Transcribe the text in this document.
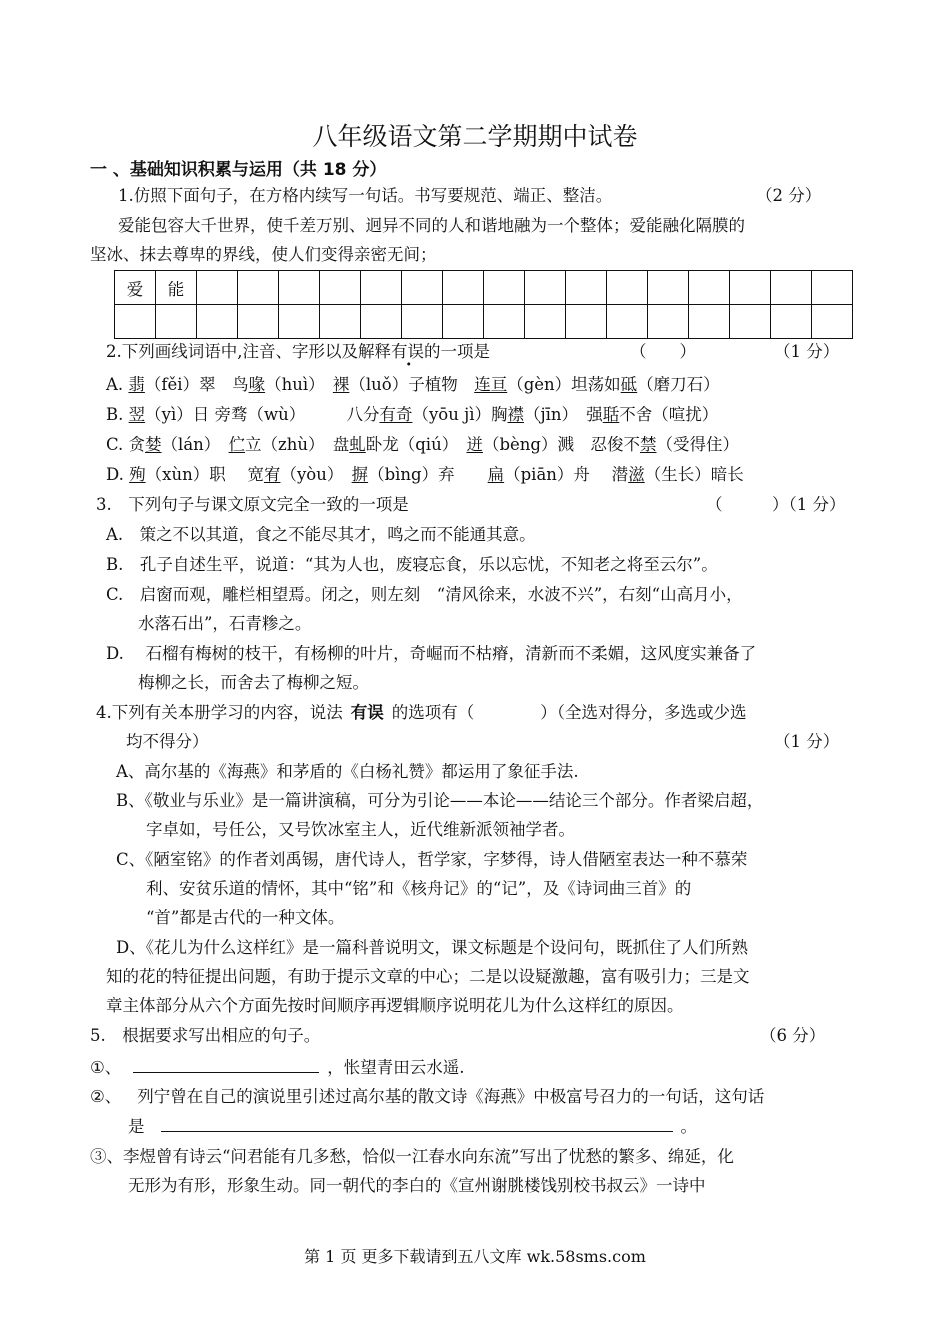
八年级语文第二学期期中试卷
一 、基础知识积累与运用（共 18 分）
1.仿照下面句子，在方格内续写一句话。书写要规范、端正、整洁。	（2 分）
爱能包容大千世界，使千差万别、迥异不同的人和谐地融为一个整体；爱能融化隔膜的
坚冰、抹去尊卑的界线，使人们变得亲密无间；
爱	能																

2.下列画线词语中,注音、字形以及解释有误的一项是	（　　）	（1 分）
A. 翡（fěi）翠　鸟喙（huì）　裸（luǒ）子植物　连亘（gèn）坦荡如砥（磨刀石）
B. 翌（yì）日 旁骛（wù）　　　八分有奇（yōu jì）胸襟（jīn）　强聒不舍（喧扰）
C. 贪婪（lán）　伫立（zhù）　盘虬卧龙（qiú）　迸（bèng）溅　忍俊不禁（受得住）
D. 殉（xùn）职　 宽宥（yòu）　摒（bìng）弃　　扁（piān）舟　 潜滋（生长）暗长
3.　下列句子与课文原文完全一致的一项是	（　　　）（1 分）
A.　策之不以其道，食之不能尽其才，鸣之而不能通其意。
B.　孔子自述生平，说道：“其为人也，废寝忘食，乐以忘忧，不知老之将至云尔”。
C.　启窗而观，雕栏相望焉。闭之，则左刻　“清风徐来，水波不兴”，右刻“山高月小，
水落石出”，石青糁之。
D.　 石榴有梅树的枝干，有杨柳的叶片，奇崛而不枯瘠，清新而不柔媚，这风度实兼备了
梅柳之长，而舍去了梅柳之短。
4.下列有关本册学习的内容，说法 有误 的选项有（　　　　）（全选对得分，多选或少选
均不得分）	（1 分）
A、高尔基的《海燕》和茅盾的《白杨礼赞》都运用了象征手法.
B、《敬业与乐业》是一篇讲演稿，可分为引论——本论——结论三个部分。作者梁启超，
字卓如，号任公，又号饮冰室主人，近代维新派领袖学者。
C、《陋室铭》的作者刘禹锡，唐代诗人，哲学家，字梦得，诗人借陋室表达一种不慕荣
利、安贫乐道的情怀，其中“铭”和《核舟记》的“记”，及《诗词曲三首》的
“首”都是古代的一种文体。
D、《花儿为什么这样红》是一篇科普说明文，课文标题是个设问句，既抓住了人们所熟
知的花的特征提出问题，有助于提示文章的中心；二是以设疑激趣，富有吸引力；三是文
章主体部分从六个方面先按时间顺序再逻辑顺序说明花儿为什么这样红的原因。
5.　根据要求写出相应的句子。	（6 分）
①、	，怅望青田云水遥.
②、 列宁曾在自己的演说里引述过高尔基的散文诗《海燕》中极富号召力的一句话，这句话
是	。
③、李煜曾有诗云“问君能有几多愁，恰似一江春水向东流”写出了忧愁的繁多、绵延，化
无形为有形，形象生动。同一朝代的李白的《宣州谢朓楼饯别校书叔云》一诗中
第 1 页 更多下载请到五八文库 wk.58sms.com
